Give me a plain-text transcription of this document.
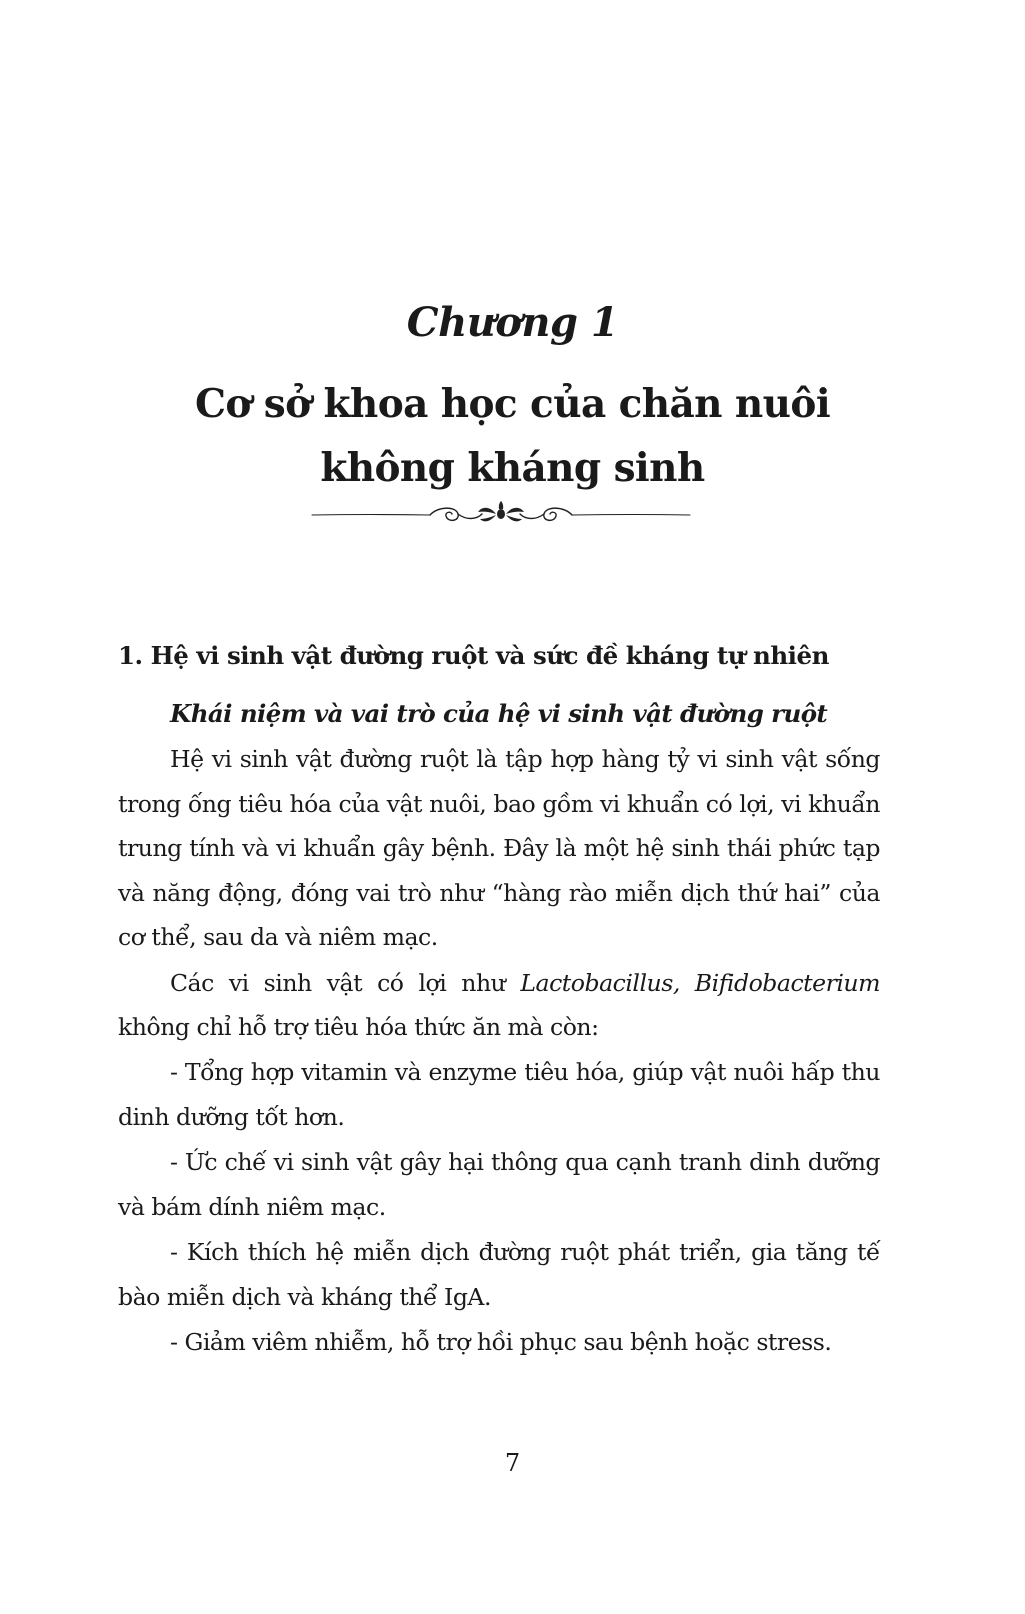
Chương 1
Cơ sở khoa học của chăn nuôi
không kháng sinh
1. Hệ vi sinh vật đường ruột và sức đề kháng tự nhiên
Khái niệm và vai trò của hệ vi sinh vật đường ruột

Hệ vi sinh vật đường ruột là tập hợp hàng tỷ vi sinh vật sống trong ống tiêu hóa của vật nuôi, bao gồm vi khuẩn có lợi, vi khuẩn trung tính và vi khuẩn gây bệnh. Đây là một hệ sinh thái phức tạp và năng động, đóng vai trò như “hàng rào miễn dịch thứ hai” của cơ thể, sau da và niêm mạc.

Các vi sinh vật có lợi như Lactobacillus, Bifidobacterium không chỉ hỗ trợ tiêu hóa thức ăn mà còn:

- Tổng hợp vitamin và enzyme tiêu hóa, giúp vật nuôi hấp thu dinh dưỡng tốt hơn.

- Ức chế vi sinh vật gây hại thông qua cạnh tranh dinh dưỡng và bám dính niêm mạc.

- Kích thích hệ miễn dịch đường ruột phát triển, gia tăng tế bào miễn dịch và kháng thể IgA.

- Giảm viêm nhiễm, hỗ trợ hồi phục sau bệnh hoặc stress.

7
